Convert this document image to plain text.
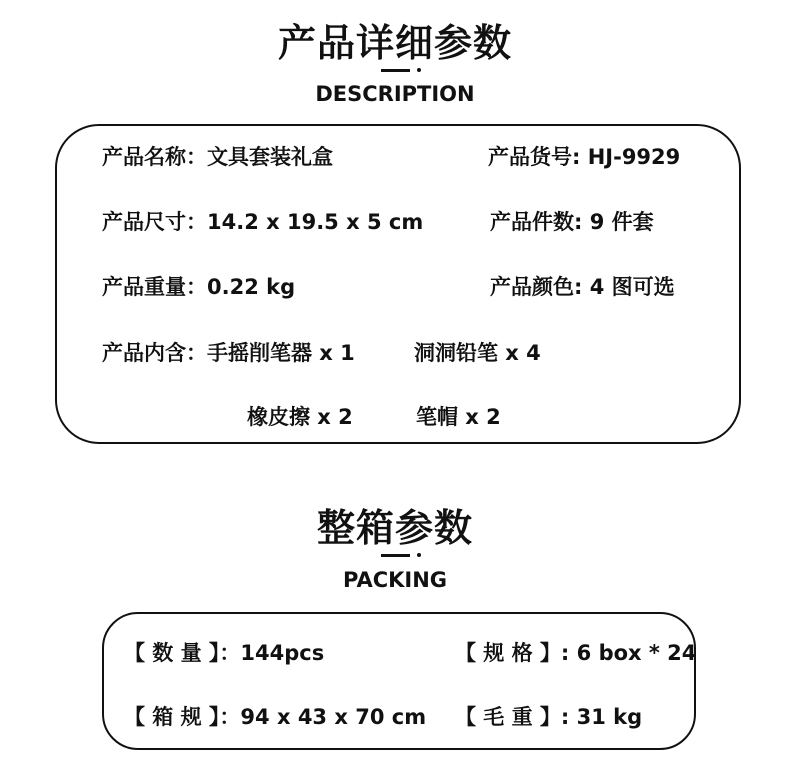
产品详细参数
DESCRIPTION
产品名称：文具套装礼盒	产品货号: HJ-9929
产品尺寸：14.2 x 19.5 x 5 cm	产品件数: 9 件套
产品重量：0.22 kg	产品颜色: 4 图可选
产品内含：手摇削笔器 x 1	洞洞铅笔 x 4
橡皮擦 x 2	笔帽 x 2
整箱参数
PACKING
【 数 量 】：144pcs	【 规 格 】: 6 box * 24
【 箱 规 】：94 x 43 x 70 cm 【 毛 重 】: 31 kg
